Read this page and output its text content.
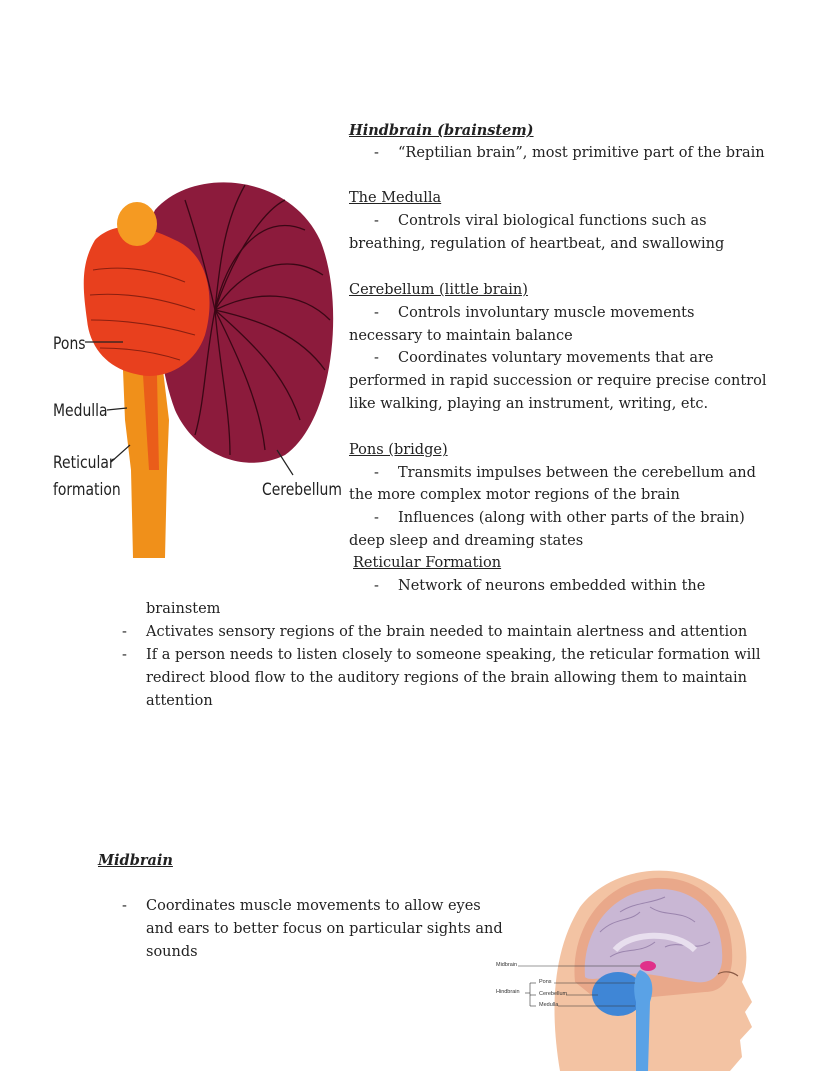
Pons
Medulla
Reticular
formation	Cerebellum
Hindbrain (brainstem)
- “Reptilian brain”, most primitive part of the brain
The Medulla
- Controls viral biological functions such as
breathing, regulation of heartbeat, and swallowing
Cerebellum (little brain)
- Controls involuntary muscle movements
necessary to maintain balance
- Coordinates voluntary movements that are
performed in rapid succession or require precise control
like walking, playing an instrument, writing, etc.
Pons (bridge)
- Transmits impulses between the cerebellum and
the more complex motor regions of the brain
- Influences (along with other parts of the brain)
deep sleep and dreaming states
Reticular Formation
- Network of neurons embedded within the
brainstem
- Activates sensory regions of the brain needed to maintain alertness and attention
- If a person needs to listen closely to someone speaking, the reticular formation will
redirect blood flow to the auditory regions of the brain allowing them to maintain
attention
Midbrain
- Coordinates muscle movements to allow eyes
and ears to better focus on particular sights and
sounds
Midbrain
Hindbrain
Pons
Cerebellum
Medulla
